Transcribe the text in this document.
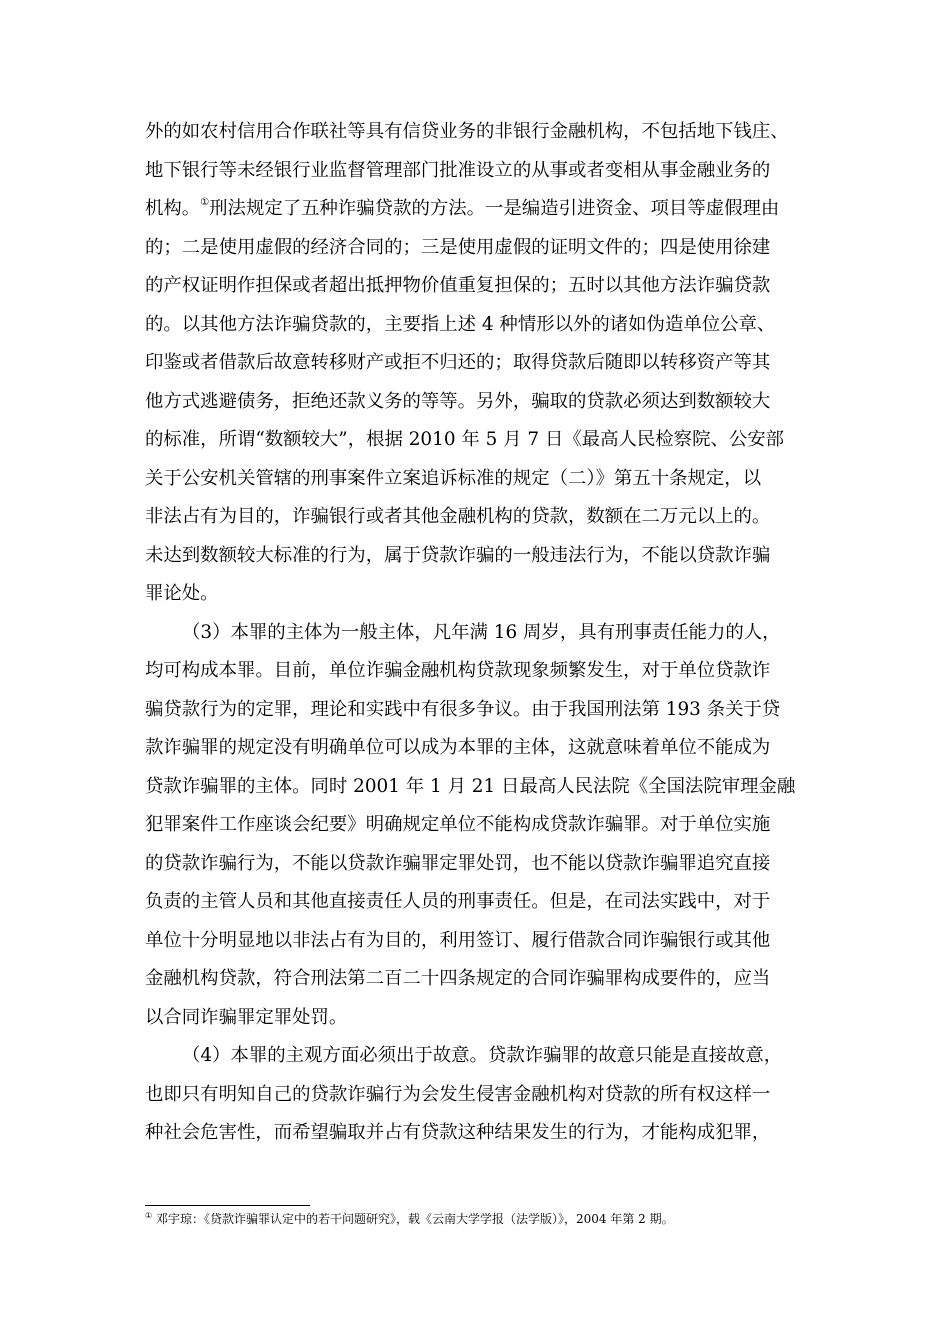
外的如农村信用合作联社等具有信贷业务的非银行金融机构，不包括地下钱庄、
地下银行等未经银行业监督管理部门批准设立的从事或者变相从事金融业务的
机构。①刑法规定了五种诈骗贷款的方法。一是编造引进资金、项目等虚假理由
的；二是使用虚假的经济合同的；三是使用虚假的证明文件的；四是使用徐建
的产权证明作担保或者超出抵押物价值重复担保的；五时以其他方法诈骗贷款
的。以其他方法诈骗贷款的，主要指上述 4 种情形以外的诸如伪造单位公章、
印鉴或者借款后故意转移财产或拒不归还的；取得贷款后随即以转移资产等其
他方式逃避债务，拒绝还款义务的等等。另外，骗取的贷款必须达到数额较大
的标准，所谓“数额较大”，根据 2010 年 5 月 7 日《最高人民检察院、公安部
关于公安机关管辖的刑事案件立案追诉标准的规定（二）》第五十条规定，以
非法占有为目的，诈骗银行或者其他金融机构的贷款，数额在二万元以上的。
未达到数额较大标准的行为，属于贷款诈骗的一般违法行为，不能以贷款诈骗
罪论处。
（3）本罪的主体为一般主体，凡年满 16 周岁，具有刑事责任能力的人，
均可构成本罪。目前，单位诈骗金融机构贷款现象频繁发生，对于单位贷款诈
骗贷款行为的定罪，理论和实践中有很多争议。由于我国刑法第 193 条关于贷
款诈骗罪的规定没有明确单位可以成为本罪的主体，这就意味着单位不能成为
贷款诈骗罪的主体。同时 2001 年 1 月 21 日最高人民法院《全国法院审理金融
犯罪案件工作座谈会纪要》明确规定单位不能构成贷款诈骗罪。对于单位实施
的贷款诈骗行为，不能以贷款诈骗罪定罪处罚，也不能以贷款诈骗罪追究直接
负责的主管人员和其他直接责任人员的刑事责任。但是，在司法实践中，对于
单位十分明显地以非法占有为目的，利用签订、履行借款合同诈骗银行或其他
金融机构贷款，符合刑法第二百二十四条规定的合同诈骗罪构成要件的，应当
以合同诈骗罪定罪处罚。
（4）本罪的主观方面必须出于故意。贷款诈骗罪的故意只能是直接故意，
也即只有明知自己的贷款诈骗行为会发生侵害金融机构对贷款的所有权这样一
种社会危害性，而希望骗取并占有贷款这种结果发生的行为，才能构成犯罪，
① 邓宇琼：《贷款诈骗罪认定中的若干问题研究》，载《云南大学学报（法学版）》，2004 年第 2 期。
